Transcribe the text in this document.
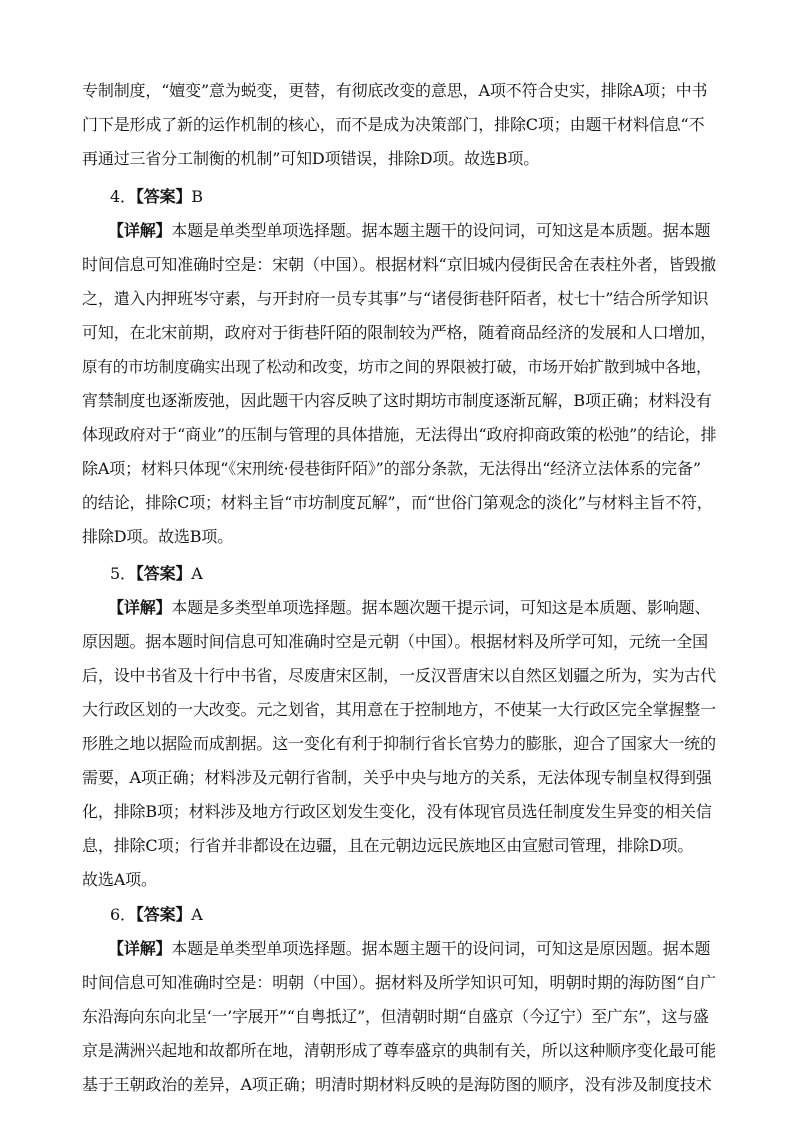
专制制度，“嬗变”意为蜕变，更替，有彻底改变的意思，A项不符合史实，排除A项；中书
门下是形成了新的运作机制的核心，而不是成为决策部门，排除C项；由题干材料信息“不
再通过三省分工制衡的机制”可知D项错误，排除D项。故选B项。
4．【答案】B
【详解】本题是单类型单项选择题。据本题主题干的设问词，可知这是本质题。据本题
时间信息可知准确时空是：宋朝（中国）。根据材料“京旧城内侵街民舍在表柱外者，皆毁撤
之，遣入内押班岑守素，与开封府一员专其事”与“诸侵街巷阡陌者，杖七十”结合所学知识
可知，在北宋前期，政府对于街巷阡陌的限制较为严格，随着商品经济的发展和人口增加，
原有的市坊制度确实出现了松动和改变，坊市之间的界限被打破，市场开始扩散到城中各地，
宵禁制度也逐渐废弛，因此题干内容反映了这时期坊市制度逐渐瓦解，B项正确；材料没有
体现政府对于“商业”的压制与管理的具体措施，无法得出“政府抑商政策的松弛”的结论，排
除A项；材料只体现“《宋刑统·侵巷街阡陌》”的部分条款，无法得出“经济立法体系的完备”
的结论，排除C项；材料主旨“市坊制度瓦解”，而“世俗门第观念的淡化”与材料主旨不符，
排除D项。故选B项。
5．【答案】A
【详解】本题是多类型单项选择题。据本题次题干提示词，可知这是本质题、影响题、
原因题。据本题时间信息可知准确时空是元朝（中国）。根据材料及所学可知，元统一全国
后，设中书省及十行中书省，尽废唐宋区制，一反汉晋唐宋以自然区划疆之所为，实为古代
大行政区划的一大改变。元之划省，其用意在于控制地方，不使某一大行政区完全掌握整一
形胜之地以据险而成割据。这一变化有利于抑制行省长官势力的膨胀，迎合了国家大一统的
需要，A项正确；材料涉及元朝行省制，关乎中央与地方的关系，无法体现专制皇权得到强
化，排除B项；材料涉及地方行政区划发生变化，没有体现官员选任制度发生异变的相关信
息，排除C项；行省并非都设在边疆，且在元朝边远民族地区由宣慰司管理，排除D项。
故选A项。
6．【答案】A
【详解】本题是单类型单项选择题。据本题主题干的设问词，可知这是原因题。据本题
时间信息可知准确时空是：明朝（中国）。据材料及所学知识可知，明朝时期的海防图“自广
东沿海向东向北呈‘一’字展开”“自粤抵辽”，但清朝时期“自盛京（今辽宁）至广东”，这与盛
京是满洲兴起地和故都所在地，清朝形成了尊奉盛京的典制有关，所以这种顺序变化最可能
基于王朝政治的差异，A项正确；明清时期材料反映的是海防图的顺序，没有涉及制度技术
